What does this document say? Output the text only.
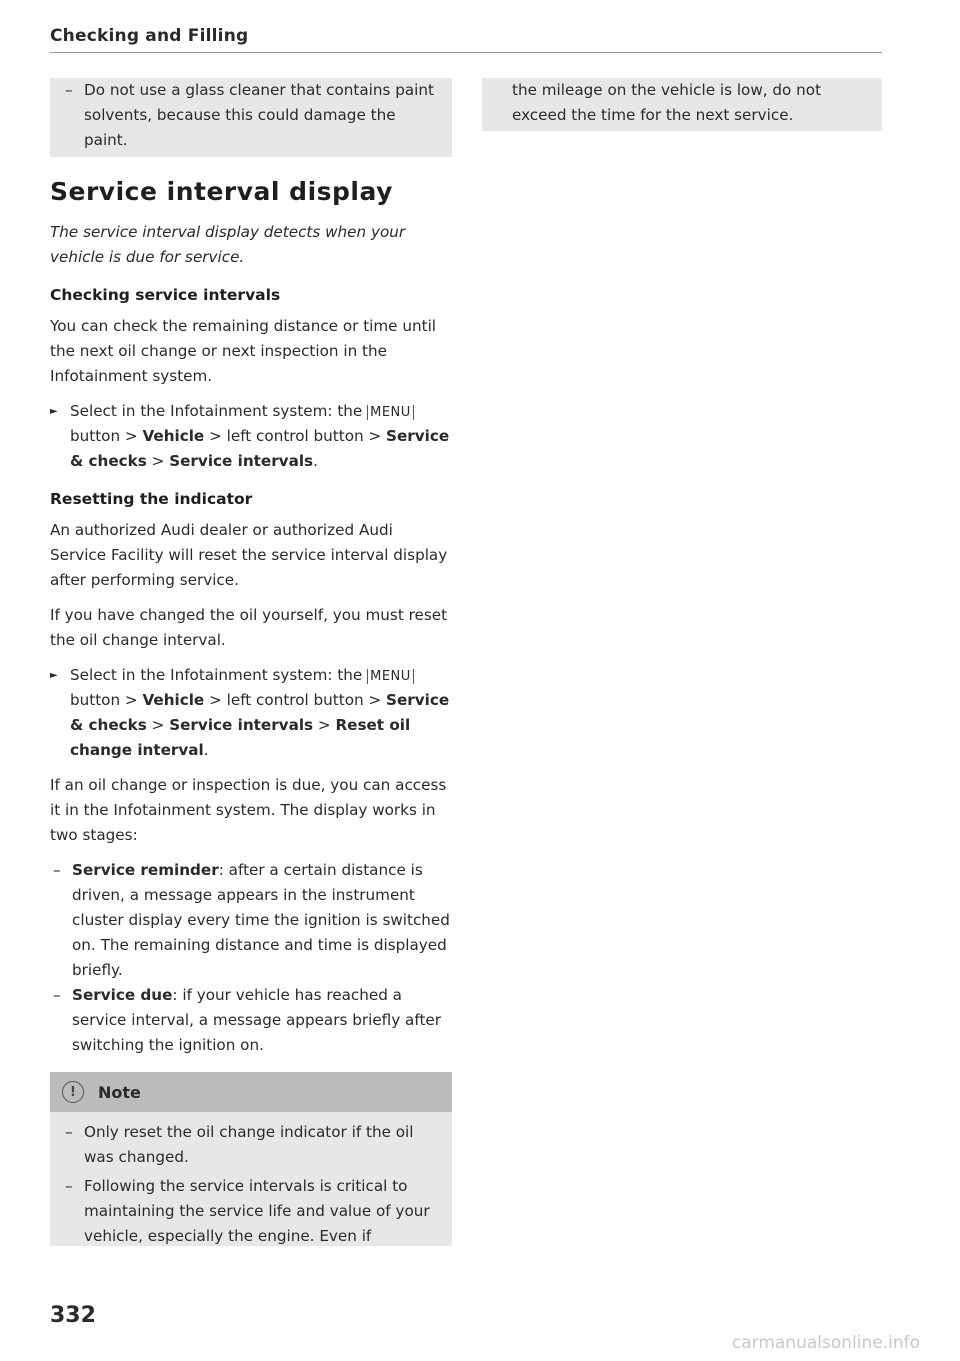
Checking and Filling
– Do not use a glass cleaner that contains paint solvents, because this could damage the paint.
Service interval display
The service interval display detects when your vehicle is due for service.
Checking service intervals
You can check the remaining distance or time until the next oil change or next inspection in the Infotainment system.
► Select in the Infotainment system: the MENU button > Vehicle > left control button > Service & checks > Service intervals.
Resetting the indicator
An authorized Audi dealer or authorized Audi Service Facility will reset the service interval display after performing service.
If you have changed the oil yourself, you must reset the oil change interval.
► Select in the Infotainment system: the MENU button > Vehicle > left control button > Service & checks > Service intervals > Reset oil change interval.
If an oil change or inspection is due, you can access it in the Infotainment system. The display works in two stages:
– Service reminder: after a certain distance is driven, a message appears in the instrument cluster display every time the ignition is switched on. The remaining distance and time is displayed briefly.
– Service due: if your vehicle has reached a service interval, a message appears briefly after switching the ignition on.
!	Note
– Only reset the oil change indicator if the oil was changed.
– Following the service intervals is critical to maintaining the service life and value of your vehicle, especially the engine. Even if
the mileage on the vehicle is low, do not exceed the time for the next service.
332
carmanualsonline.info
